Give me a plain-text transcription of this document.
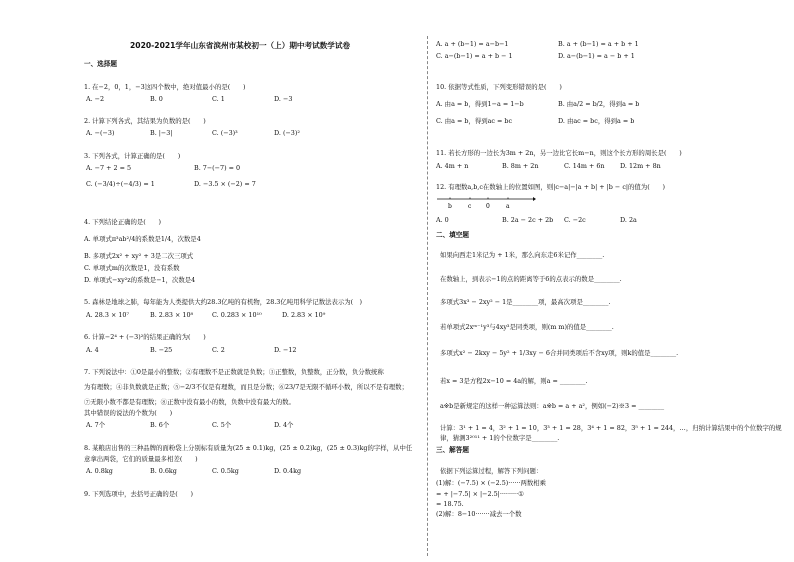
2020-2021学年山东省滨州市某校初一（上）期中考试数学试卷
一、选择题
1. 在−2，0，1，−3这四个数中，绝对值最小的是(　　)
A. −2	B. 0	C. 1	D. −3
2. 计算下列各式，其结果为负数的是(　　)
A. −(−3)	B. |−3|	C. (−3)³	D. (−3)²
3. 下列各式，计算正确的是(　　)
A. −7 + 2 = 5	B. 7−(−7) = 0
C. (−3/4)÷(−4/3) = 1	D. −3.5 × (−2) = 7
4. 下列结论正确的是(　　)
A. 单项式π³ab²/4的系数是1/4，次数是4
B. 多项式2x² + xy² + 3是二次三项式
C. 单项式m的次数是1，没有系数
D. 单项式−xy²z的系数是−1，次数是4
5. 森林是地球之肺，每年能为人类提供大约28.3亿吨的有机物，28.3亿吨用科学记数法表示为(　)
A. 28.3 × 10⁷	B. 2.83 × 10⁸	C. 0.283 × 10¹⁰	D. 2.83 × 10⁹
6. 计算−2⁴ + (−3)²的结果正确的为(　　)
A. 4	B. −25	C. 2	D. −12
7. 下列说法中：①0是最小的整数；②有理数不是正数就是负数；③正整数，负整数，正分数，负分数统称
为有理数；④非负数就是正数；⑤−2/3不仅是有理数，而且是分数；⑥23/7是无限不循环小数，所以不是有理数；
⑦无限小数不都是有理数；⑧正数中没有最小的数，负数中没有最大的数。
其中错误的说法的个数为(　　)
A. 7个	B. 6个	C. 5个	D. 4个
8. 某粮店出售的三种品牌的面粉袋上分别标有质量为(25 ± 0.1)kg，(25 ± 0.2)kg，(25 ± 0.3)kg的字样，从中任
意拿出两袋，它们的质量最多相差(　　)
A. 0.8kg	B. 0.6kg	C. 0.5kg	D. 0.4kg
9. 下列选项中，去括号正确的是(　　)
A. a + (b−1) = a−b−1	B. a + (b−1) = a + b + 1
C. a−(b−1) = a + b − 1	D. a−(b−1) = a − b + 1
10. 依据等式性质，下列变形错误的是(　　)
A. 由a = b，得到1−a = 1−b	B. 由a/2 = b/2，得到a = b
C. 由a = b，得到ac = bc	D. 由ac = bc，得到a = b
11. 若长方形的一边长为3m + 2n，另一边比它长m−n，则这个长方形的周长是(　　)
A. 4m + n	B. 8m + 2n	C. 14m + 6n D. 12m + 8n
12. 有理数a,b,c在数轴上的位置如图，则|c−a|−|a + b| + |b − c|的值为(　　)
b	c 0	a
A. 0	B. 2a − 2c + 2b C. −2c	D. 2a
二、填空题
如果向西走1米记为 + 1米，那么向东走6米记作________.
在数轴上，到表示−1的点的距离等于6的点表示的数是________.
多项式3x³ − 2xy² − 1是________项，最高次项是________.
若单项式2xᵐ⁻¹y³与4xy³是同类项，则(m m)的值是________.
多项式x² − 2kxy − 5y² + 1/3xy − 6合并同类项后不含xy项，则k的值是________.
若x = 3是方程2x−10 = 4a的解，则a = ________.
a※b是新规定的这样一种运算法则：a※b = a + a²，例如(−2)※3 = ________
计算：3¹ + 1 = 4，3² + 1 = 10，3³ + 1 = 28，3⁴ + 1 = 82，3⁵ + 1 = 244，…，归纳计算结果中的个位数字的规
律，猜测3²⁰¹¹ + 1的个位数字是________.
三、解答题
依据下列运算过程，解答下列问题：
(1)解：(−7.5) × (−2.5)······两数相乘
= + |−7.5| × |−2.5|·········①
= 18.75.
(2)解：8−10·······减去一个数
